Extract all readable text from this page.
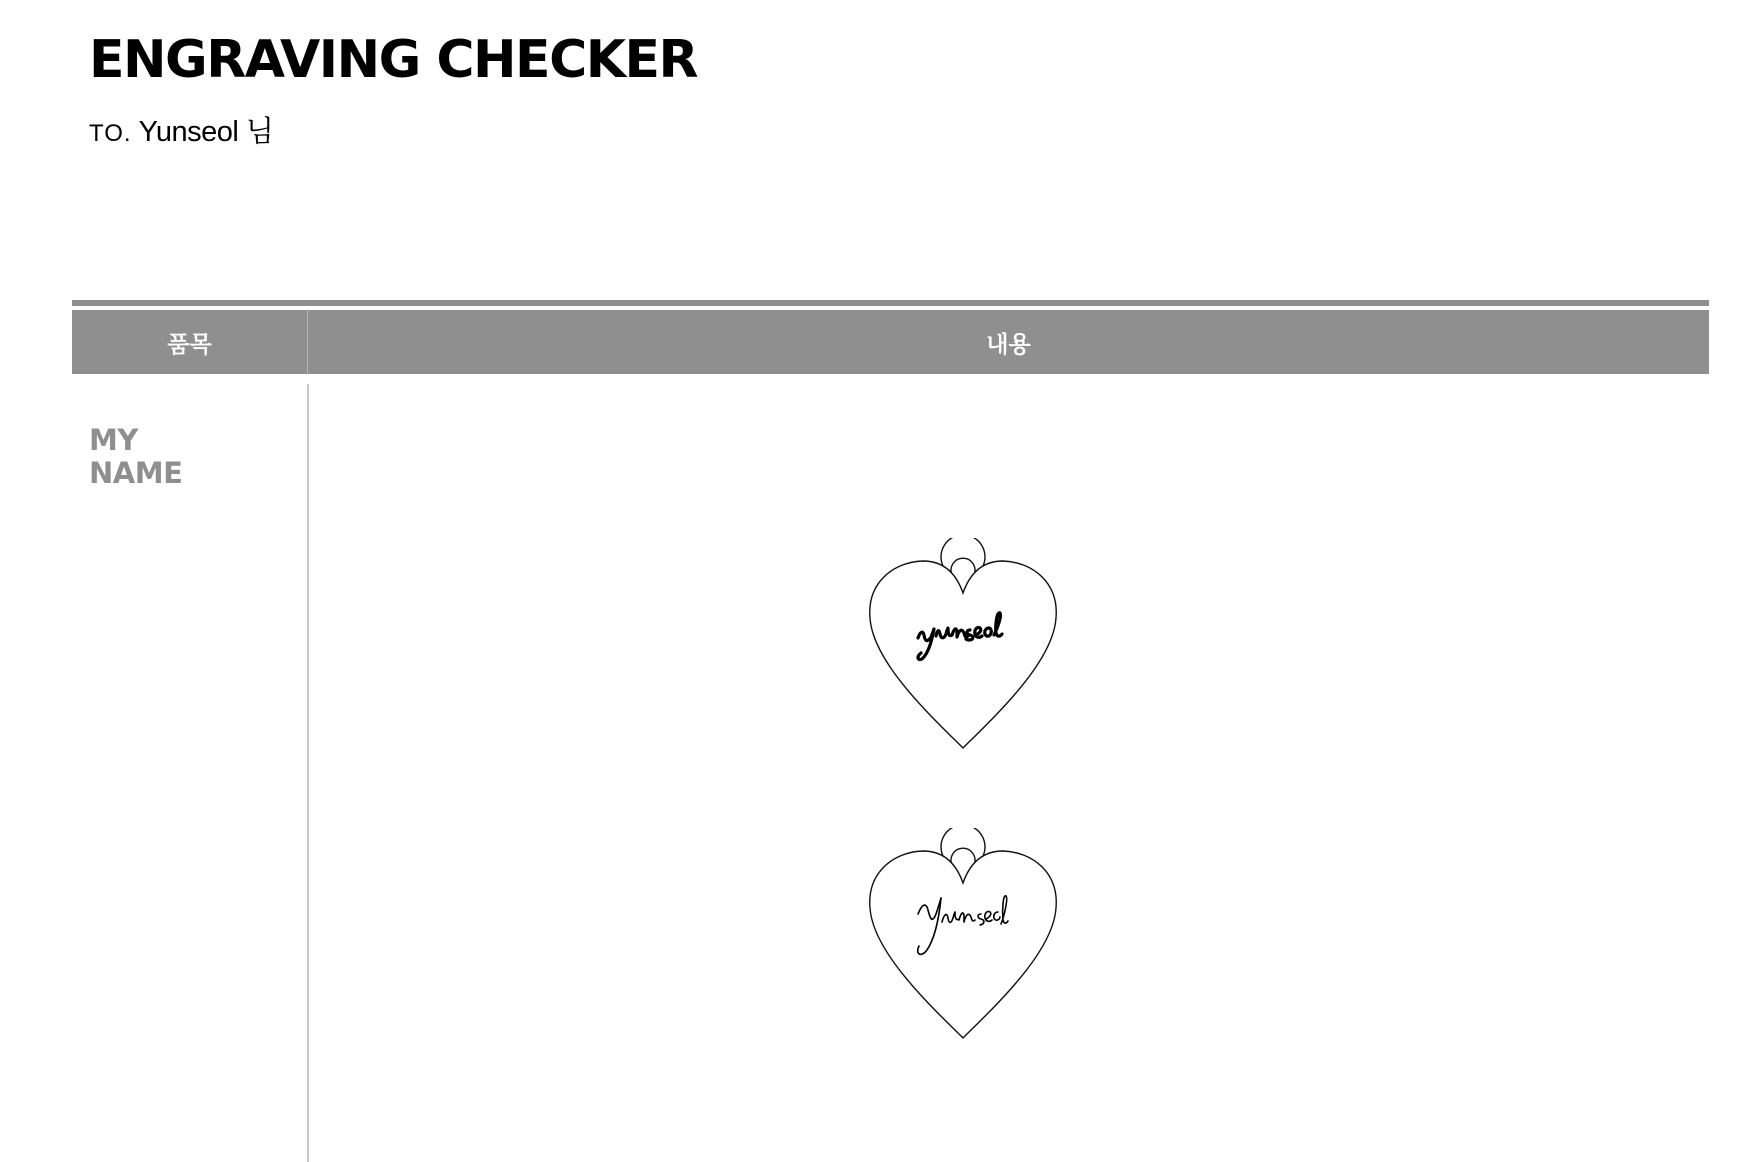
ENGRAVING CHECKER
TO. Yunseol 님
품목	내용
MY
NAME
